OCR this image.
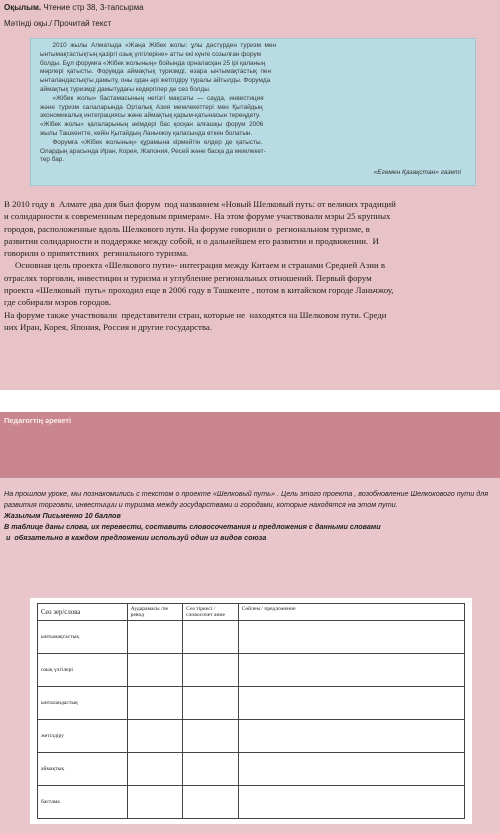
Оқылым. Чтение стр 38, 3-тапсырма
Мәтінді оқы./ Прочитай текст

2010  жылы  Алматыда  «Жаңа  Жібек  жолы:  ұлы  дәстүрден  туризм  мен
ынтымақтастықтың қазіргі озық үлгілеріне» атты екі күнге созылған форум
болды. Бұл форумға «Жібек жолының» бойында орналасқан 25 ірі қаланың
мәрлері  қатысты.  Форумда  аймақтық  туризмді,  өзара  ынтымақтастық  пен
ынталандастықты дамыту, оны одан әрі жетілдіру туралы айтылды. Форумда
аймақтық туризмді дамытудағы кедергілер де сөз болды.
«Жібек  жолы»  бастамасының  негізгі  мақсаты  —  сауда,  инвестиция
және  туризм  салаларында  Орталық  Азия  мемлекеттері  мен  Қытайдың
экономикалық интеграциясы және аймақтық қарым-қатынасын тереңдету.
«Жібек  жолы»  қалаларының  әкімдері  бас  қосқан  алғашқы  форум  2006
жылы Ташкентте, кейін Қытайдың Ланьчжоу қаласында өткен болатын.
Форумға  «Жібек  жолының»  құрамына  кірмейтін  елдер  де  қатысты.
Олардың арасында Иран, Корея, Жапония, Ресей және басқа да мемлекет-
тер бар.

«Егемен Қазақстан» газеті
В 2010 году в  Алмате два дня был форум  под названием «Новый Шелковый путь: от великих традиций
и солидарности к современным передовым примерам». На этом форуме участвовали мэры 25 крупных
городов, расположенные вдоль Шелкового пути. На форуме говорили о  региональном туризме, в
развитии солидарности и поддержке между собой, и о дальнейшем его развитии и продвижении.  И
говорили о припятствиях  регинального туризма.
Основная цель проекта «Шелкового пути»- интеграция между Китаем и странами Средней Азии в
отраслях торговли, инвестиции и туризма и углубление региональных отношений. Первый форум
проекта «Шелковый  путь» проходил еще в 2006 году в Ташкенте , потом в китайском городе Ланьчжоу,
где собирали мэров городов.
На форуме также участвовали  представители стран, которые не  находятся на Шелковом пути. Среди
них Иран, Корея, Япония, Россия и другие государства.
Педагогтің әрекеті
На прошлом уроке, мы познакомились с текстом о проекте «Шелковый путь» . Цель этого проекта , возобновление Шелкокового пути для развития торговли, инвестиции и туризма между государствами и городами, которые находятся на этом пути.
Жазылым Письменно 10 баллов
В таблице даны слова, их перевести, составить словосочетания и предложения с данными словами
и  обязательно в каждом предложении используй один из видов союза
Сөз зер/слова	Аударамасы /пе ревод	Сөз тіркесі / словосочет ание	Сөйлем / предложение
ынтымақтастық			
озық үлгілері			
ынталандастық			
жетілдіру			
аймақтық			
бастама			
